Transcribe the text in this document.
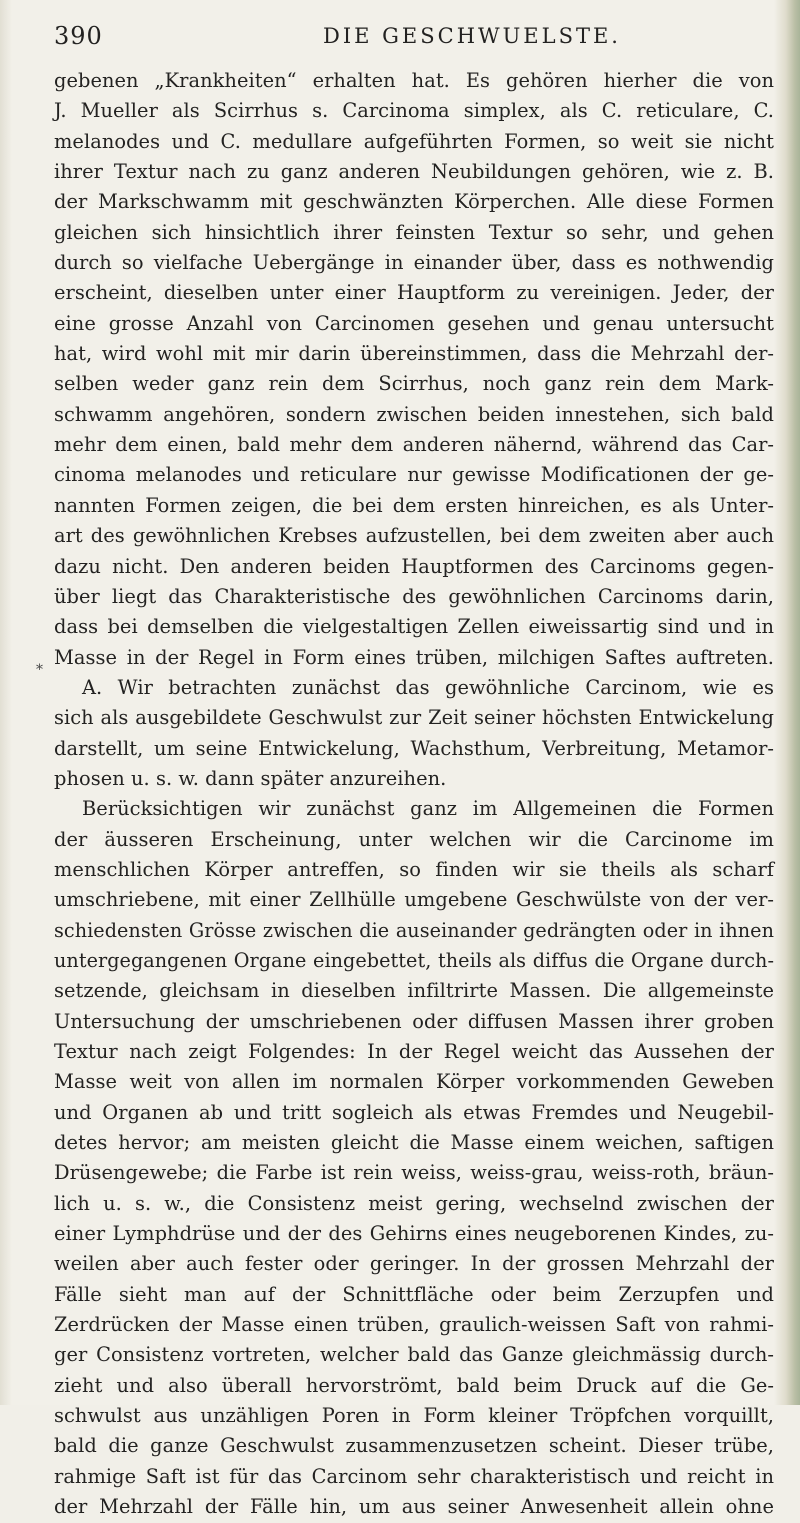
390	DIE GESCHWUELSTE.
*
gebenen „Krankheiten“ erhalten hat. Es gehören hierher die von
J. Mueller als Scirrhus s. Carcinoma simplex, als C. reticulare, C.
melanodes und C. medullare aufgeführten Formen, so weit sie nicht
ihrer Textur nach zu ganz anderen Neubildungen gehören, wie z. B.
der Markschwamm mit geschwänzten Körperchen. Alle diese Formen
gleichen sich hinsichtlich ihrer feinsten Textur so sehr, und gehen
durch so vielfache Uebergänge in einander über, dass es nothwendig
erscheint, dieselben unter einer Hauptform zu vereinigen. Jeder, der
eine grosse Anzahl von Carcinomen gesehen und genau untersucht
hat, wird wohl mit mir darin übereinstimmen, dass die Mehrzahl der-
selben weder ganz rein dem Scirrhus, noch ganz rein dem Mark-
schwamm angehören, sondern zwischen beiden innestehen, sich bald
mehr dem einen, bald mehr dem anderen nähernd, während das Car-
cinoma melanodes und reticulare nur gewisse Modificationen der ge-
nannten Formen zeigen, die bei dem ersten hinreichen, es als Unter-
art des gewöhnlichen Krebses aufzustellen, bei dem zweiten aber auch
dazu nicht. Den anderen beiden Hauptformen des Carcinoms gegen-
über liegt das Charakteristische des gewöhnlichen Carcinoms darin,
dass bei demselben die vielgestaltigen Zellen eiweissartig sind und in
Masse in der Regel in Form eines trüben, milchigen Saftes auftreten.
A. Wir betrachten zunächst das gewöhnliche Carcinom, wie es
sich als ausgebildete Geschwulst zur Zeit seiner höchsten Entwickelung
darstellt, um seine Entwickelung, Wachsthum, Verbreitung, Metamor-
phosen u. s. w. dann später anzureihen.
Berücksichtigen wir zunächst ganz im Allgemeinen die Formen
der äusseren Erscheinung, unter welchen wir die Carcinome im
menschlichen Körper antreffen, so finden wir sie theils als scharf
umschriebene, mit einer Zellhülle umgebene Geschwülste von der ver-
schiedensten Grösse zwischen die auseinander gedrängten oder in ihnen
untergegangenen Organe eingebettet, theils als diffus die Organe durch-
setzende, gleichsam in dieselben infiltrirte Massen. Die allgemeinste
Untersuchung der umschriebenen oder diffusen Massen ihrer groben
Textur nach zeigt Folgendes: In der Regel weicht das Aussehen der
Masse weit von allen im normalen Körper vorkommenden Geweben
und Organen ab und tritt sogleich als etwas Fremdes und Neugebil-
detes hervor; am meisten gleicht die Masse einem weichen, saftigen
Drüsengewebe; die Farbe ist rein weiss, weiss-grau, weiss-roth, bräun-
lich u. s. w., die Consistenz meist gering, wechselnd zwischen der
einer Lymphdrüse und der des Gehirns eines neugeborenen Kindes, zu-
weilen aber auch fester oder geringer. In der grossen Mehrzahl der
Fälle sieht man auf der Schnittfläche oder beim Zerzupfen und
Zerdrücken der Masse einen trüben, graulich-weissen Saft von rahmi-
ger Consistenz vortreten, welcher bald das Ganze gleichmässig durch-
zieht und also überall hervorströmt, bald beim Druck auf die Ge-
schwulst aus unzähligen Poren in Form kleiner Tröpfchen vorquillt,
bald die ganze Geschwulst zusammenzusetzen scheint. Dieser trübe,
rahmige Saft ist für das Carcinom sehr charakteristisch und reicht in
der Mehrzahl der Fälle hin, um aus seiner Anwesenheit allein ohne
